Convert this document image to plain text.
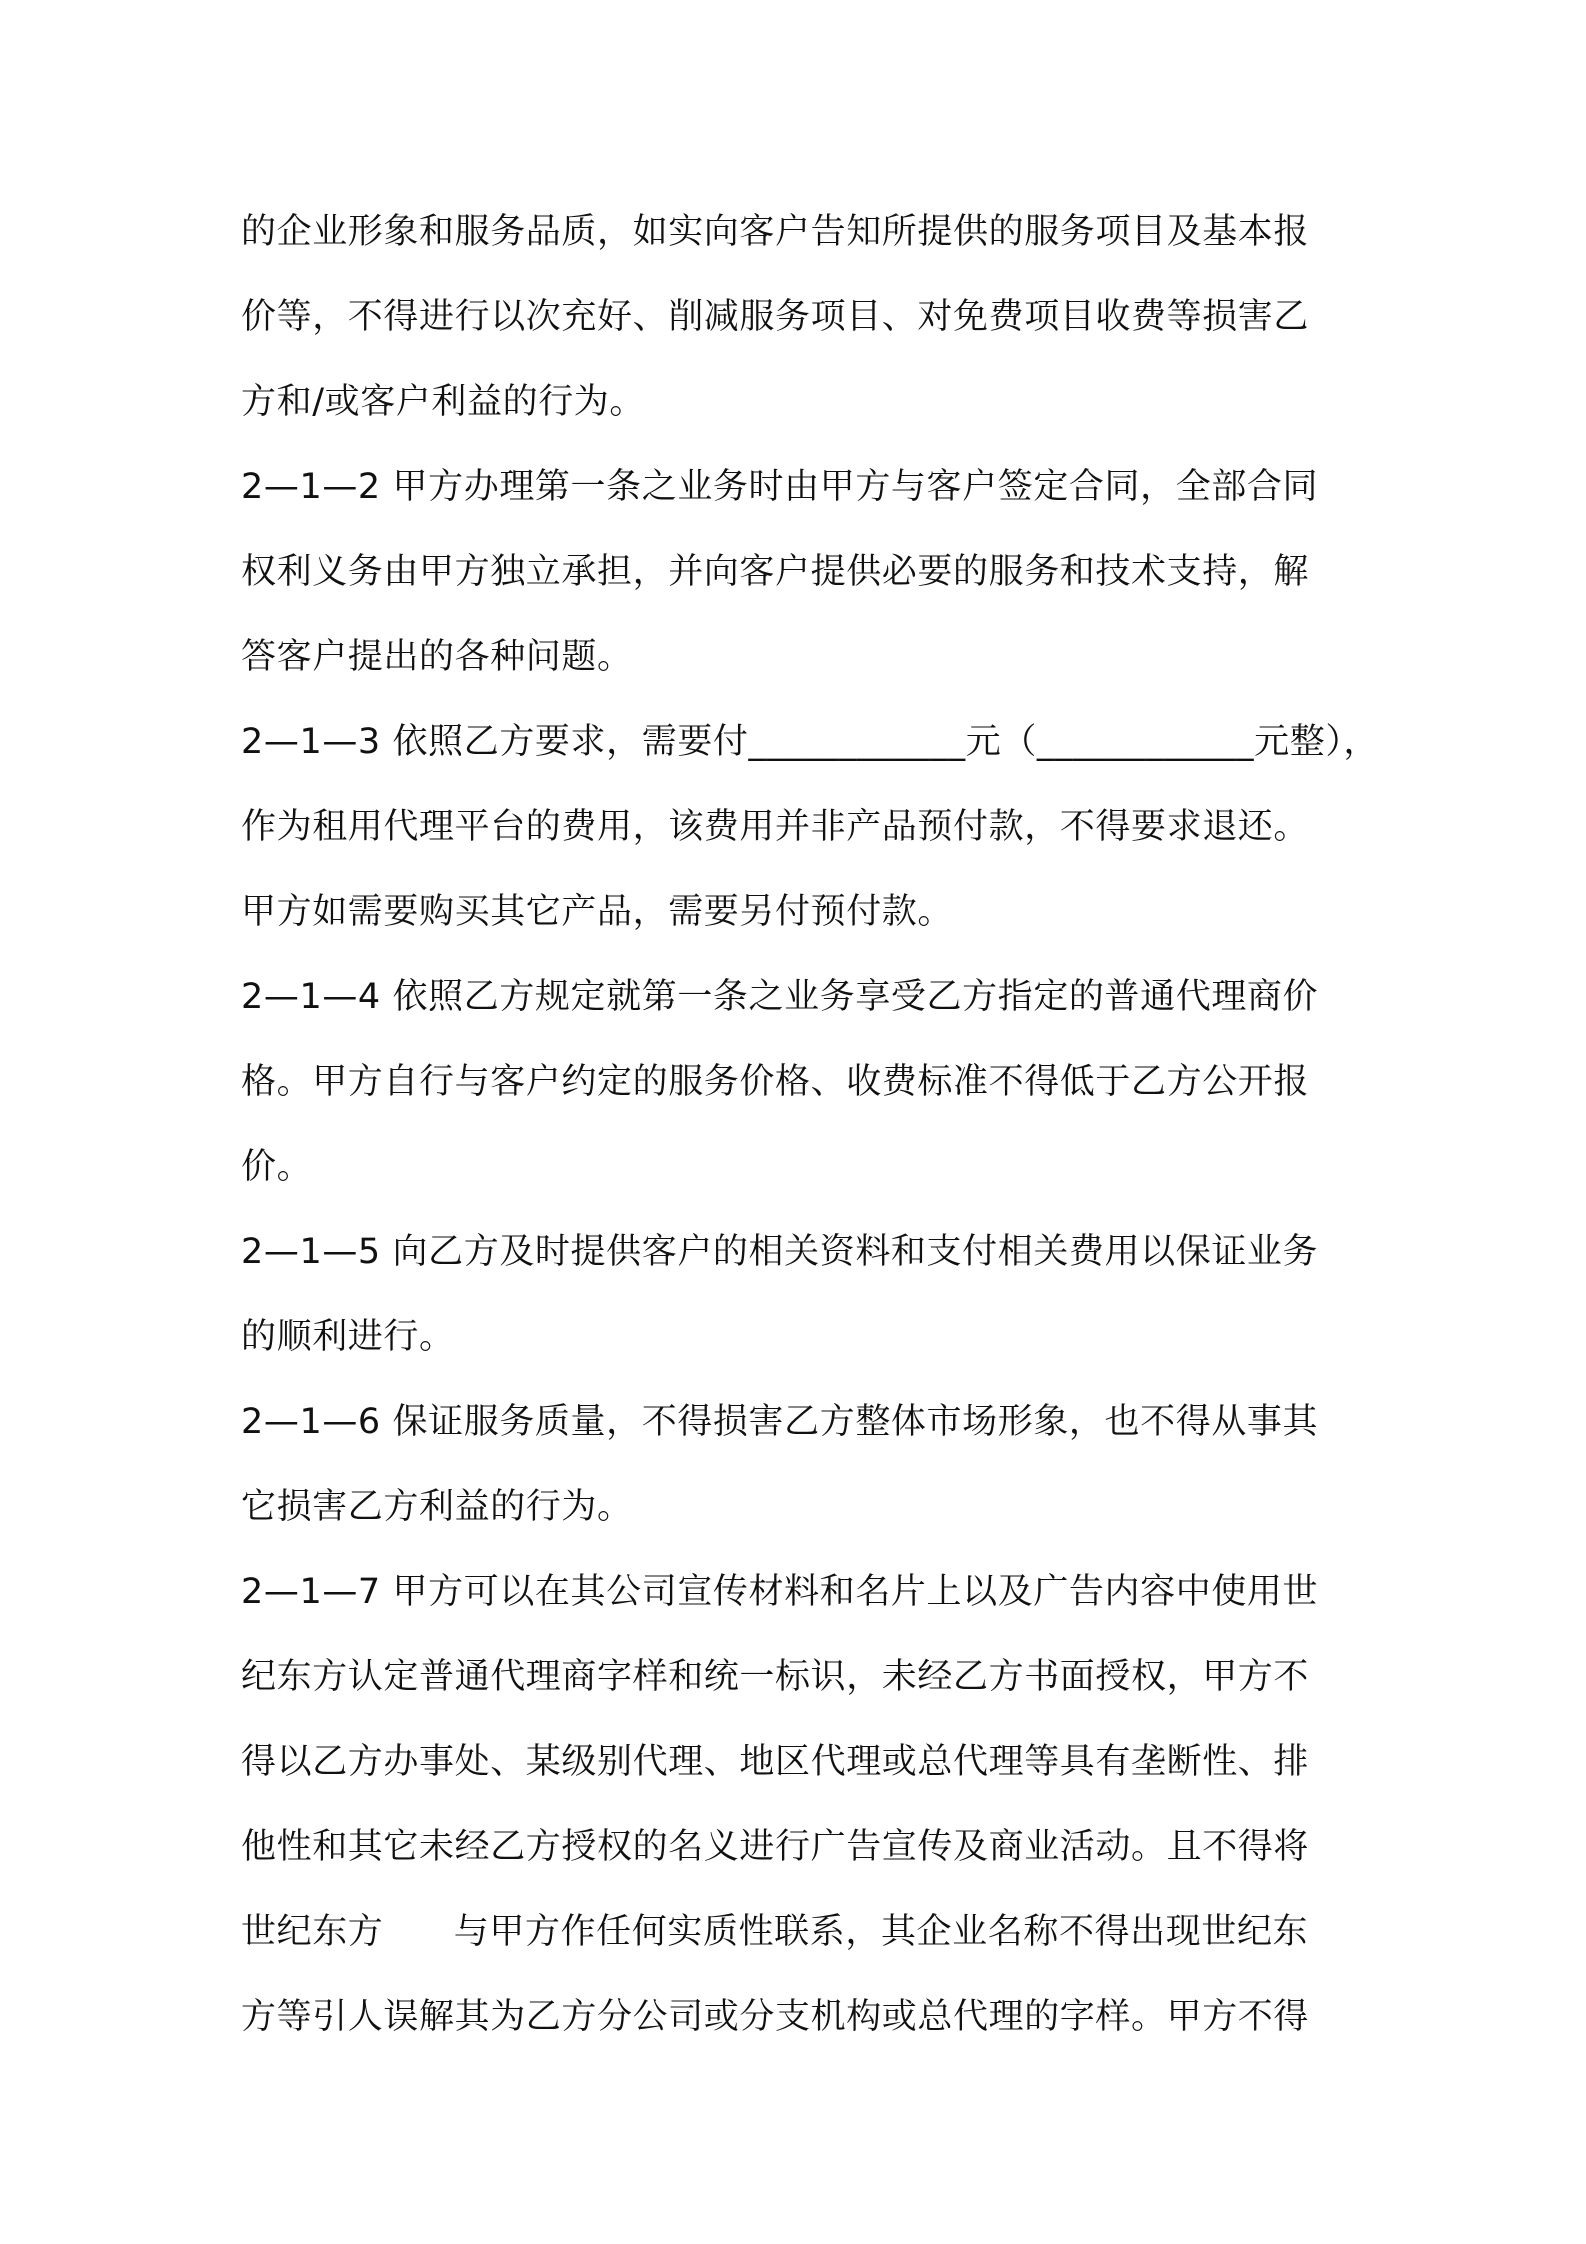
的企业形象和服务品质，如实向客户告知所提供的服务项目及基本报
价等，不得进行以次充好、削减服务项目、对免费项目收费等损害乙
方和/或客户利益的行为。
2—1—2 甲方办理第一条之业务时由甲方与客户签定合同，全部合同
权利义务由甲方独立承担，并向客户提供必要的服务和技术支持，解
答客户提出的各种问题。
2—1—3 依照乙方要求，需要付____________元（____________元整），
作为租用代理平台的费用，该费用并非产品预付款，不得要求退还。
甲方如需要购买其它产品，需要另付预付款。
2—1—4 依照乙方规定就第一条之业务享受乙方指定的普通代理商价
格。甲方自行与客户约定的服务价格、收费标准不得低于乙方公开报
价。
2—1—5 向乙方及时提供客户的相关资料和支付相关费用以保证业务
的顺利进行。
2—1—6 保证服务质量，不得损害乙方整体市场形象，也不得从事其
它损害乙方利益的行为。
2—1—7 甲方可以在其公司宣传材料和名片上以及广告内容中使用世
纪东方认定普通代理商字样和统一标识，未经乙方书面授权，甲方不
得以乙方办事处、某级别代理、地区代理或总代理等具有垄断性、排
他性和其它未经乙方授权的名义进行广告宣传及商业活动。且不得将
世纪东方      与甲方作任何实质性联系，其企业名称不得出现世纪东
方等引人误解其为乙方分公司或分支机构或总代理的字样。甲方不得
